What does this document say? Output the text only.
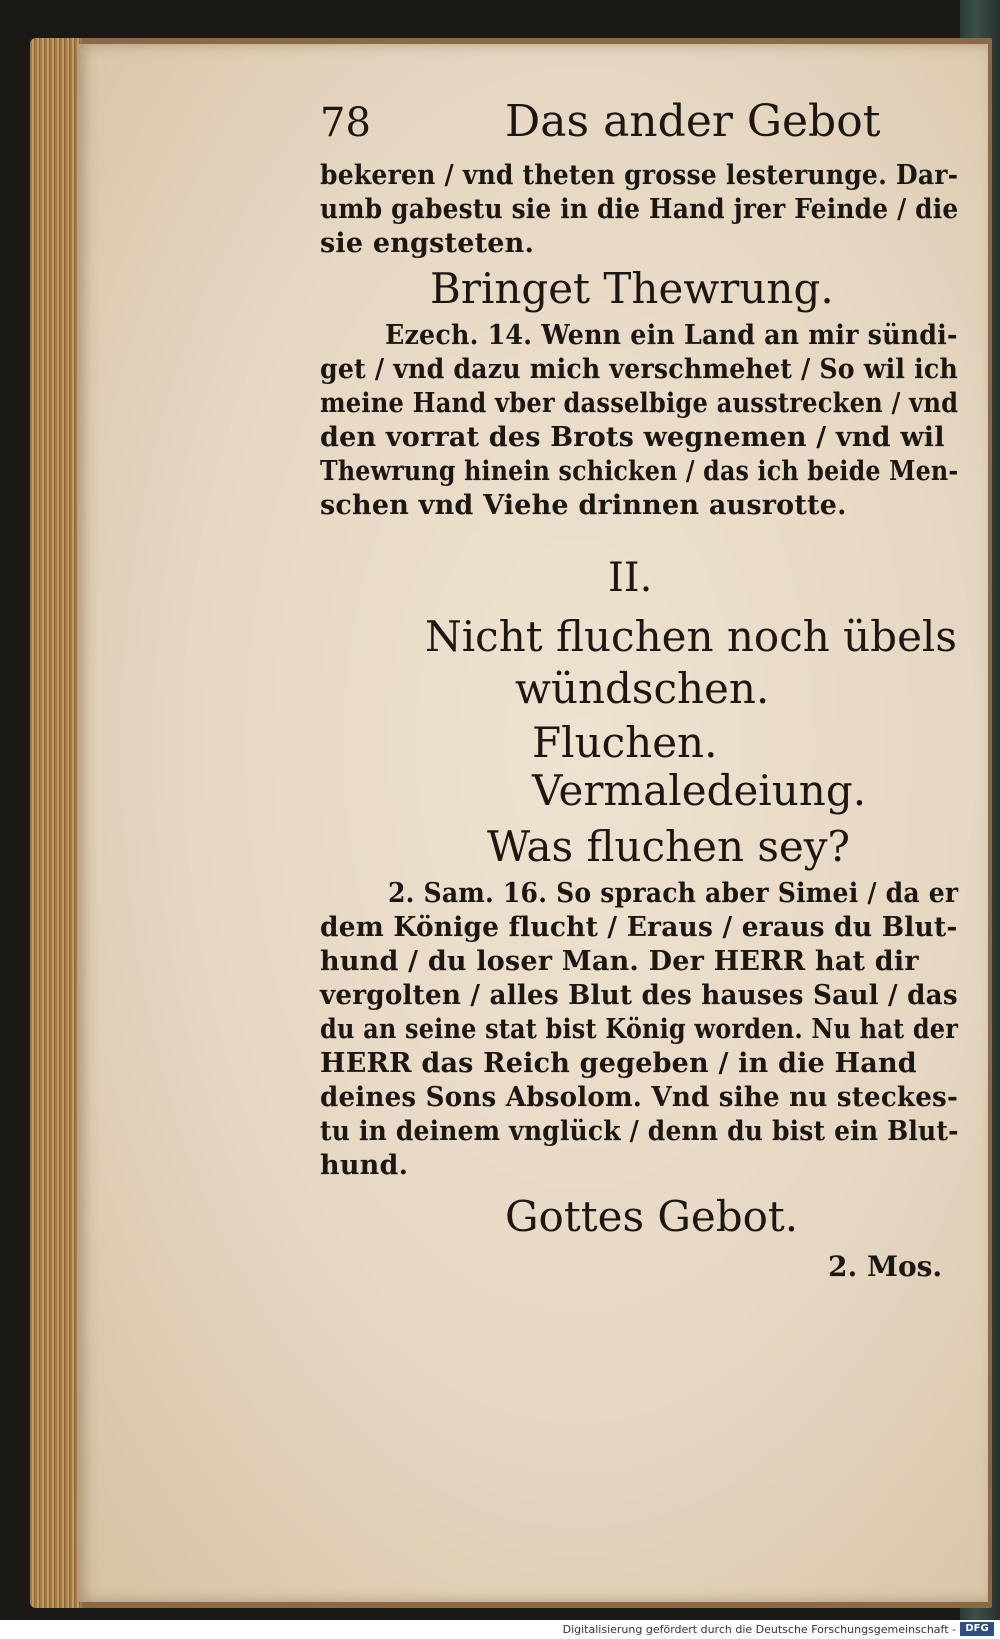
78	Das ander Gebot
bekeren / vnd theten grosse lesterunge. Dar-
umb gabestu sie in die Hand jrer Feinde / die
sie engsteten.
Bringet Thewrung.
Ezech. 14. Wenn ein Land an mir sündi-
get / vnd dazu mich verschmehet / So wil ich
meine Hand vber dasselbige ausstrecken / vnd
den vorrat des Brots wegnemen / vnd wil
Thewrung hinein schicken / das ich beide Men-
schen vnd Viehe drinnen ausrotte.
II.
Nicht fluchen noch übels
wündschen.
Fluchen.
Vermaledeiung.
Was fluchen sey?
2. Sam. 16. So sprach aber Simei / da er
dem Könige flucht / Eraus / eraus du Blut-
hund / du loser Man. Der HERR hat dir
vergolten / alles Blut des hauses Saul / das
du an seine stat bist König worden. Nu hat der
HERR das Reich gegeben / in die Hand
deines Sons Absolom. Vnd sihe nu steckes-
tu in deinem vnglück / denn du bist ein Blut-
hund.
Gottes Gebot.
2. Mos.
Digitalisierung gefördert durch die Deutsche Forschungsgemeinschaft - DFG
